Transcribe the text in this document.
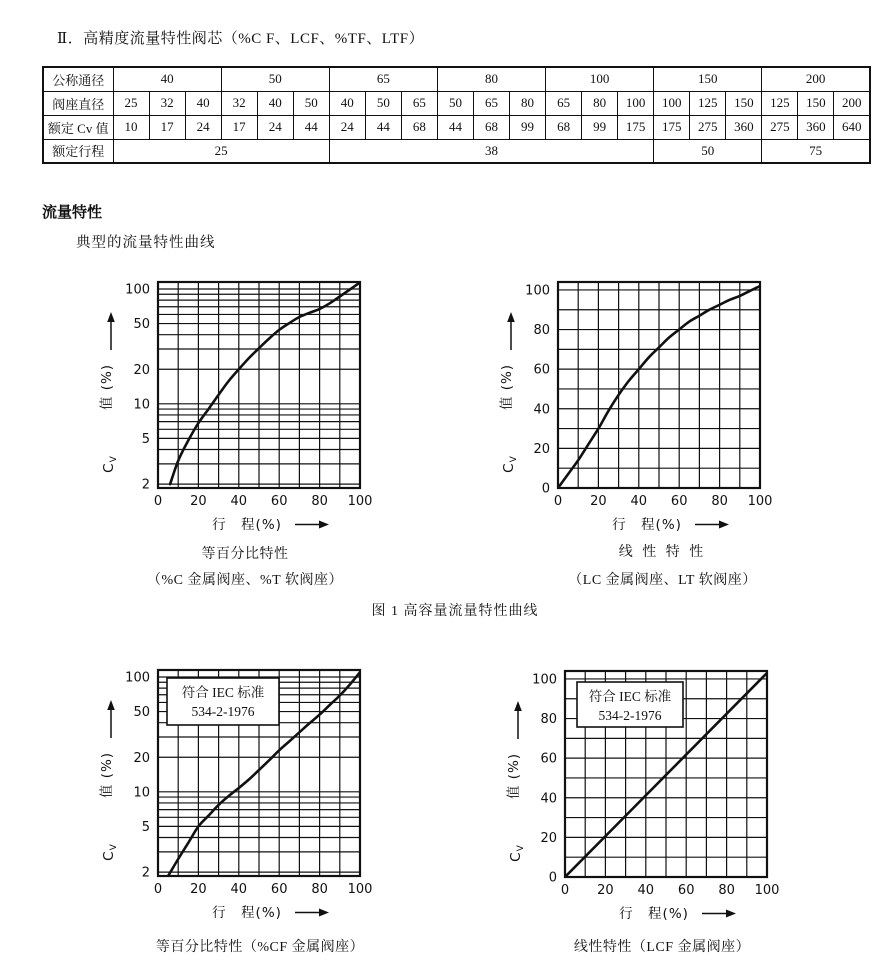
Ⅱ．高精度流量特性阀芯（%C F、LCF、%TF、LTF）
公称通径	40			50			65			80			100			150			200		
阀座直径	25	32	40	32	40	50	40	50	65	50	65	80	65	80	100	100	125	150	125	150	200
额定 Cv 值	10	17	24	17	24	44	24	44	68	44	68	99	68	99	175	175	275	360	275	360	640
额定行程	25						38									50			75		
流量特性
典型的流量特性曲线
2
5
10
20
50
100
0 20 40 60 80 100
行　程(%)
值 (%)
$C_V$
0
20
40
60
80
100
0 20 40 60 80 100
行　程(%)
值 (%)
$C_V$
等百分比特性
（%C 金属阀座、%T 软阀座）
线 性 特 性
（LC 金属阀座、LT 软阀座）
图 1 高容量流量特性曲线
2
5
10
20
50
100
0 20 40 60 80 100
符合 IEC 标准
534-2-1976
行　程(%)
值 (%)
$C_V$
0
20
40
60
80
100
0 20 40 60 80 100
符合 IEC 标准
534-2-1976
行　程(%)
值 (%)
$C_V$
等百分比特性（%CF 金属阀座）	线性特性（LCF 金属阀座）
